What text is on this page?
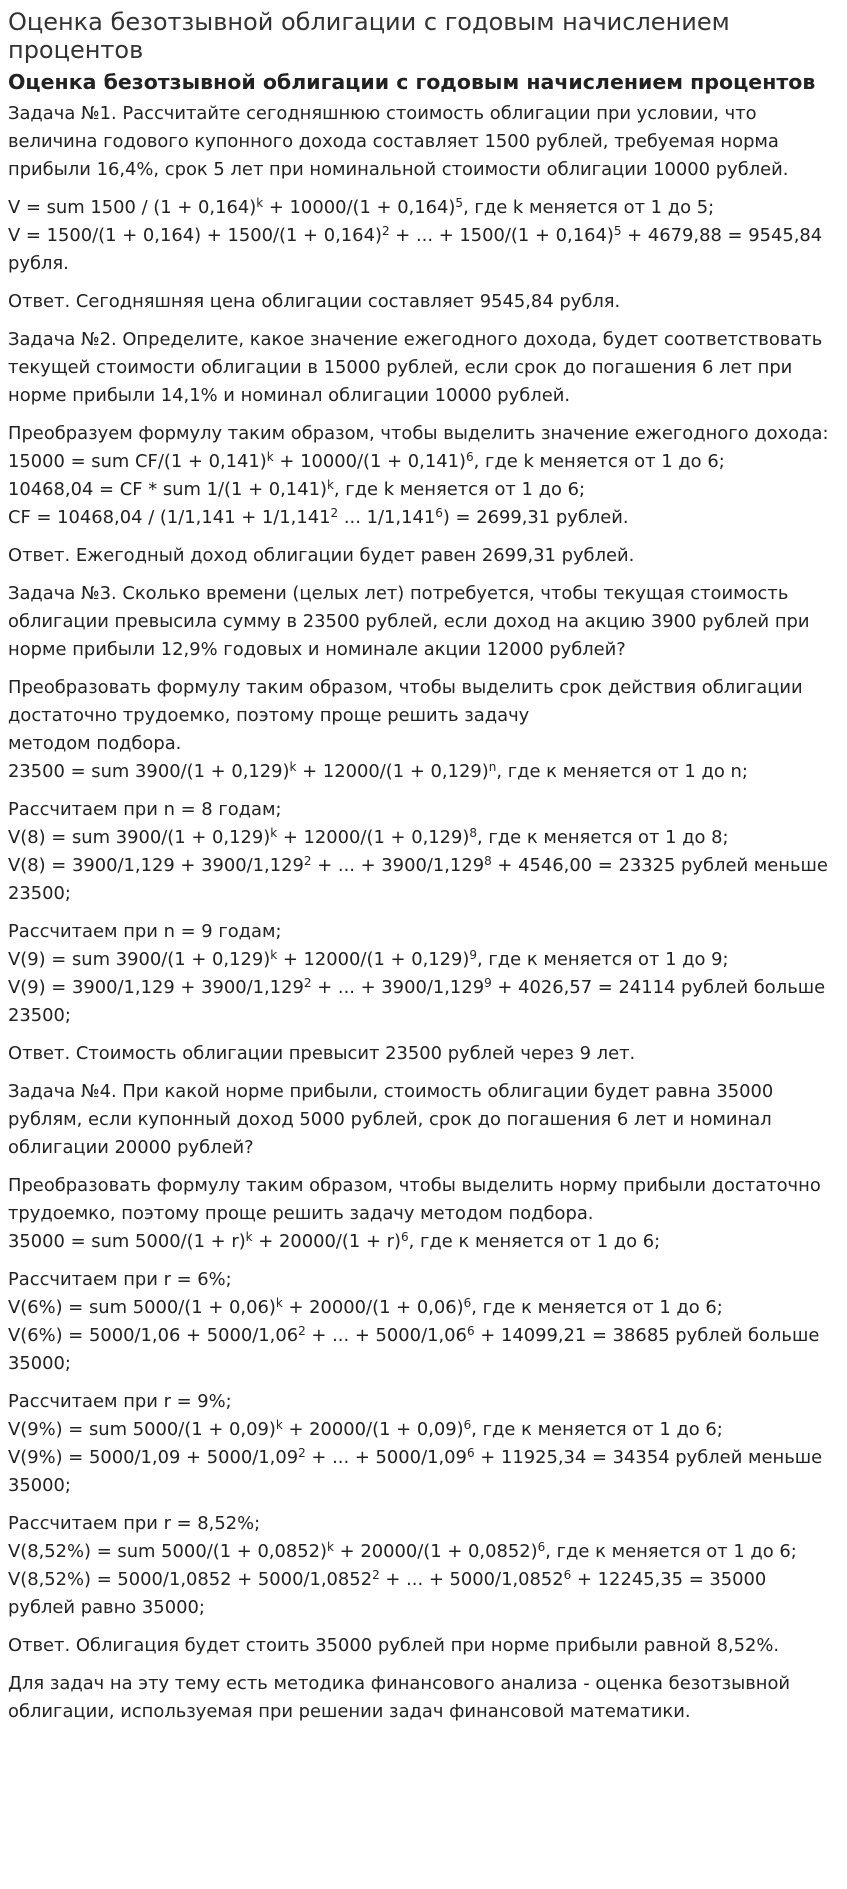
Оценка безотзывной облигации с годовым начислением процентов
Оценка безотзывной облигации с годовым начислением процентов

Задача №1. Рассчитайте сегодняшнюю стоимость облигации при условии, что величина годового купонного дохода составляет 1500 рублей, требуемая норма прибыли 16,4%, срок 5 лет при номинальной стоимости облигации 10000 рублей.

V = sum $1500 / (1 + 0,164)^k + 10000/(1 + 0,164)^5$, где k меняется от 1 до 5;
$V = 1500/(1 + 0,164) + 1500/(1 + 0,164)^2$ + ... + $1500/(1 + 0,164)^5 + 4679,88 = 9545,84$ рубля.

Ответ. Сегодняшняя цена облигации составляет 9545,84 рубля.

Задача №2. Определите, какое значение ежегодного дохода, будет соответствовать текущей стоимости облигации в 15000 рублей, если срок до погашения 6 лет при норме прибыли 14,1% и номинал облигации 10000 рублей.

Преобразуем формулу таким образом, чтобы выделить значение ежегодного дохода:
15000 = sum $CF/(1 + 0,141)^k + 10000/(1 + 0,141)^6$, где k меняется от 1 до 6;
10468,04 = CF * sum $1/(1 + 0,141)^k$, где k меняется от 1 до 6;
CF = $10468,04 / (1/1,141 + 1/1,141^2$ ... $1/1,141^6) = 2699,31$ рублей.

Ответ. Ежегодный доход облигации будет равен 2699,31 рублей.

Задача №3. Сколько времени (целых лет) потребуется, чтобы текущая стоимость облигации превысила сумму в 23500 рублей, если доход на акцию 3900 рублей при норме прибыли 12,9% годовых и номинале акции 12000 рублей?

Преобразовать формулу таким образом, чтобы выделить срок действия облигации достаточно трудоемко, поэтому проще решить задачу
методом подбора.
23500 = sum $3900/(1 + 0,129)^k + 12000/(1 + 0,129)^n$, где к меняется от 1 до n;

Рассчитаем при n = 8 годам;
V(8) = sum $3900/(1 + 0,129)^k + 12000/(1 + 0,129)^8$, где к меняется от 1 до 8;
$V(8) = 3900/1,129 + 3900/1,129^2$ + ... + $3900/1,129^8 + 4546,00 = 23325$ рублей меньше 23500;

Рассчитаем при n = 9 годам;
V(9) = sum $3900/(1 + 0,129)^k + 12000/(1 + 0,129)^9$, где к меняется от 1 до 9;
$V(9) = 3900/1,129 + 3900/1,129^2$ + ... + $3900/1,129^9 + 4026,57 = 24114$ рублей больше 23500;

Ответ. Стоимость облигации превысит 23500 рублей через 9 лет.

Задача №4. При какой норме прибыли, стоимость облигации будет равна 35000 рублям, если купонный доход 5000 рублей, срок до погашения 6 лет и номинал облигации 20000 рублей?

Преобразовать формулу таким образом, чтобы выделить норму прибыли достаточно трудоемко, поэтому проще решить задачу методом подбора.
35000 = sum $5000/(1 + r)^k + 20000/(1 + r)^6$, где к меняется от 1 до 6;

Рассчитаем при r = 6%;
V(6%) = sum $5000/(1 + 0,06)^k + 20000/(1 + 0,06)^6$, где к меняется от 1 до 6;
$V(6\%) = 5000/1,06 + 5000/1,06^2$ + ... + $5000/1,06^6 + 14099,21 = 38685$ рублей больше 35000;

Рассчитаем при r = 9%;
V(9%) = sum $5000/(1 + 0,09)^k + 20000/(1 + 0,09)^6$, где к меняется от 1 до 6;
$V(9\%) = 5000/1,09 + 5000/1,09^2$ + ... + $5000/1,09^6 + 11925,34 = 34354$ рублей меньше 35000;

Рассчитаем при r = 8,52%;
V(8,52%) = sum $5000/(1 + 0,0852)^k + 20000/(1 + 0,0852)^6$, где к меняется от 1 до 6;
$V(8,52\%) = 5000/1,0852 + 5000/1,0852^2$ + ... + $5000/1,0852^6 + 12245,35 = 35000$ рублей равно 35000;

Ответ. Облигация будет стоить 35000 рублей при норме прибыли равной 8,52%.

Для задач на эту тему есть методика финансового анализа - оценка безотзывной облигации, используемая при решении задач финансовой математики.
